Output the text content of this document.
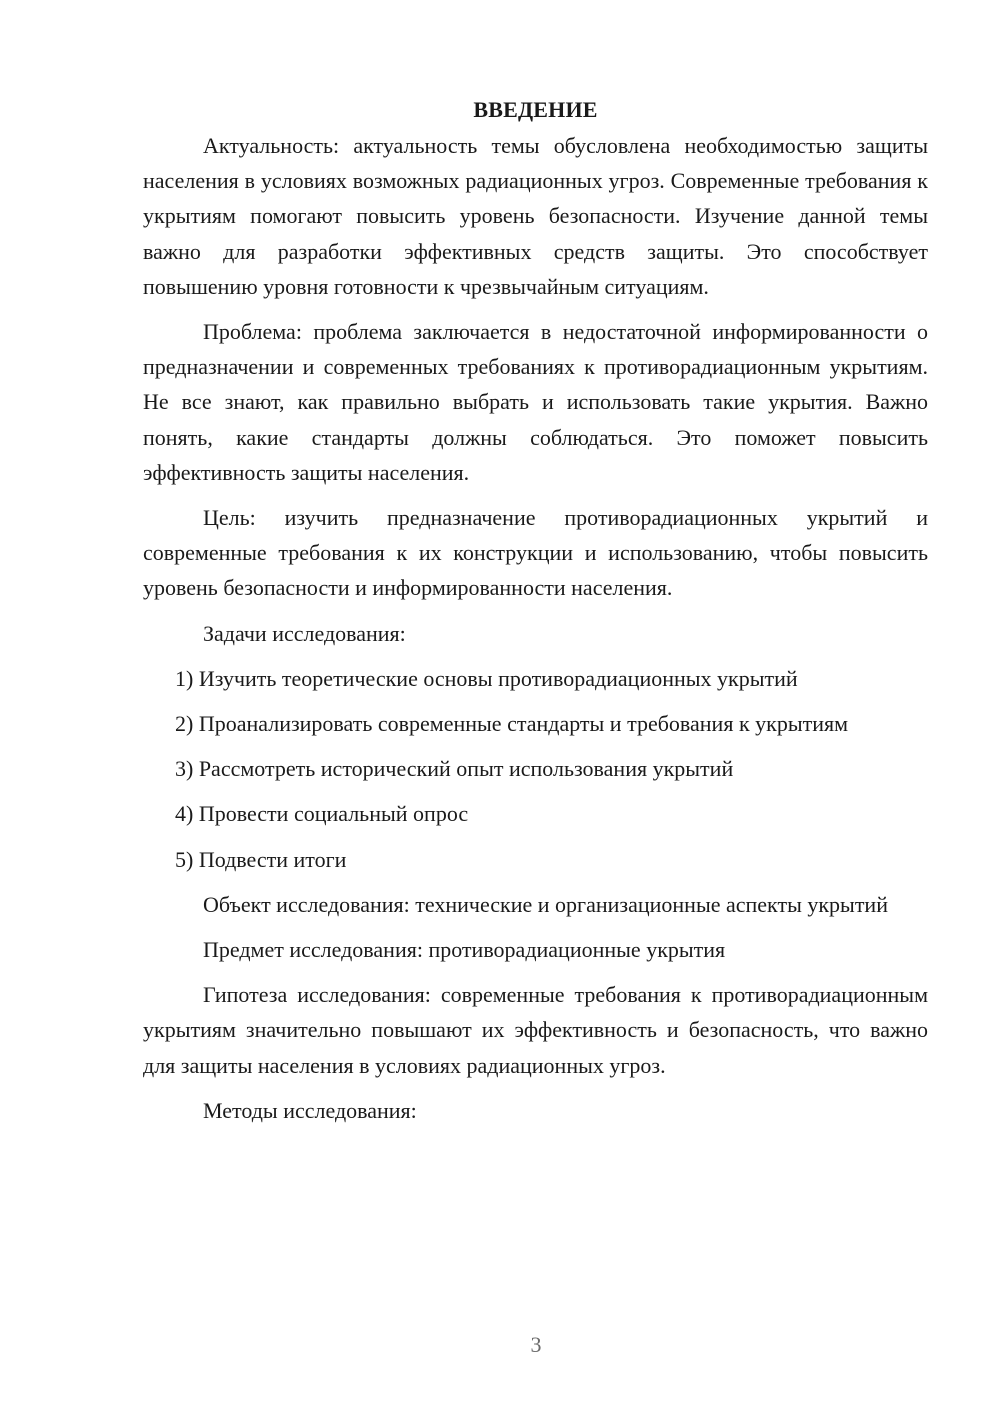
ВВЕДЕНИЕ

Актуальность: актуальность темы обусловлена необходимостью защиты населения в условиях возможных радиационных угроз. Современные требования к укрытиям помогают повысить уровень безопасности. Изучение данной темы важно для разработки эффективных средств защиты. Это способствует повышению уровня готовности к чрезвычайным ситуациям.

Проблема: проблема заключается в недостаточной информированности о предназначении и современных требованиях к противорадиационным укрытиям. Не все знают, как правильно выбрать и использовать такие укрытия. Важно понять, какие стандарты должны соблюдаться. Это поможет повысить эффективность защиты населения.

Цель: изучить предназначение противорадиационных укрытий и современные требования к их конструкции и использованию, чтобы повысить уровень безопасности и информированности населения.

Задачи исследования:

1) Изучить теоретические основы противорадиационных укрытий

2) Проанализировать современные стандарты и требования к укрытиям

3) Рассмотреть исторический опыт использования укрытий

4) Провести социальный опрос

5) Подвести итоги

Объект исследования: технические и организационные аспекты укрытий

Предмет исследования: противорадиационные укрытия

Гипотеза исследования: современные требования к противорадиационным укрытиям значительно повышают их эффективность и безопасность, что важно для защиты населения в условиях радиационных угроз.

Методы исследования:

3
